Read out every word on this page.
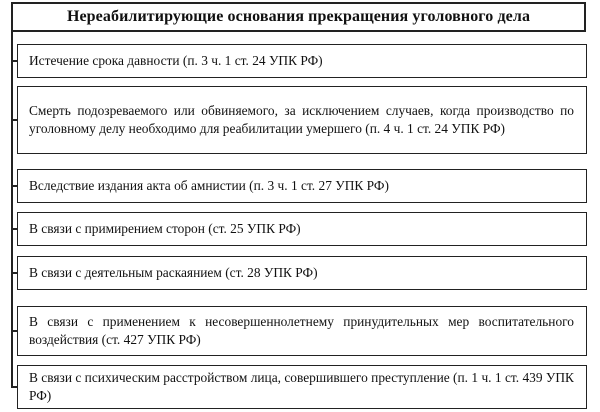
Нереабилитирующие основания прекращения уголовного дела
Истечение срока давности (п. 3 ч. 1 ст. 24 УПК РФ)
Смерть подозреваемого или обвиняемого, за исключением случаев, когда производство по уголовному делу необходимо для реабилитации умершего (п. 4 ч. 1 ст. 24 УПК РФ)
Вследствие издания акта об амнистии (п. 3 ч. 1 ст. 27 УПК РФ)
В связи с примирением сторон (ст. 25 УПК РФ)
В связи с деятельным раскаянием (ст. 28 УПК РФ)
В связи с применением к несовершеннолетнему принудительных мер воспитательного воздействия (ст. 427 УПК РФ)
В связи с психическим расстройством лица, совершившего преступление (п. 1 ч. 1 ст. 439 УПК РФ)
